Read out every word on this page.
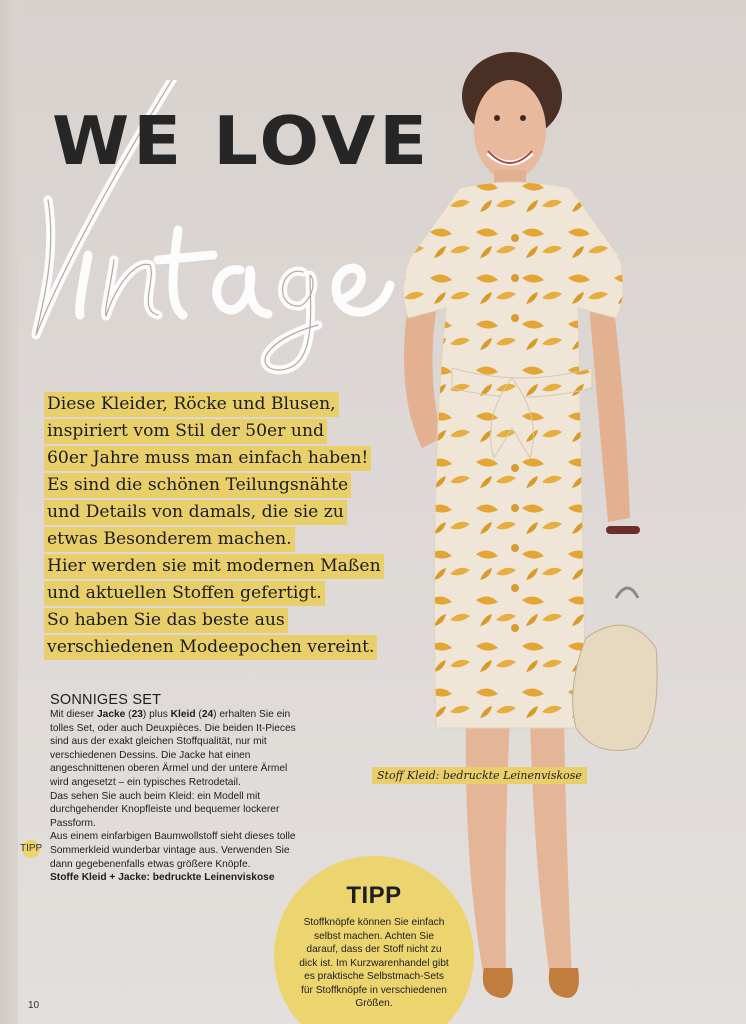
WE LOVE
Diese Kleider, Röcke und Blusen,
inspiriert vom Stil der 50er und
60er Jahre muss man einfach haben!
Es sind die schönen Teilungsnähte
und Details von damals, die sie zu
etwas Besonderem machen.
Hier werden sie mit modernen Maßen
und aktuellen Stoffen gefertigt.
So haben Sie das beste aus
verschiedenen Modeepochen vereint.
SONNIGES SET

Mit dieser Jacke (23) plus Kleid (24) erhalten Sie ein tolles Set, oder auch Deuxpièces. Die beiden It-Pieces sind aus der exakt gleichen Stoffqualität, nur mit verschiedenen Dessins. Die Jacke hat einen angeschnittenen oberen Ärmel und der untere Ärmel wird angesetzt – ein typisches Retrodetail.

Das sehen Sie auch beim Kleid: ein Modell mit durchgehender Knopfleiste und bequemer lockerer Passform.

Aus einem einfarbigen Baumwollstoff sieht dieses tolle Sommerkleid wunderbar vintage aus. Verwenden Sie dann gegebenenfalls etwas größere Knöpfe.

Stoffe Kleid + Jacke: bedruckte Leinenviskose

TIPP
Stoff Kleid: bedruckte Leinenviskose
TIPP
Stoffknöpfe können Sie einfach selbst machen. Achten Sie darauf, dass der Stoff nicht zu dick ist. Im Kurzwarenhandel gibt es praktische Selbstmach-Sets für Stoffknöpfe in verschiedenen Größen.
10
